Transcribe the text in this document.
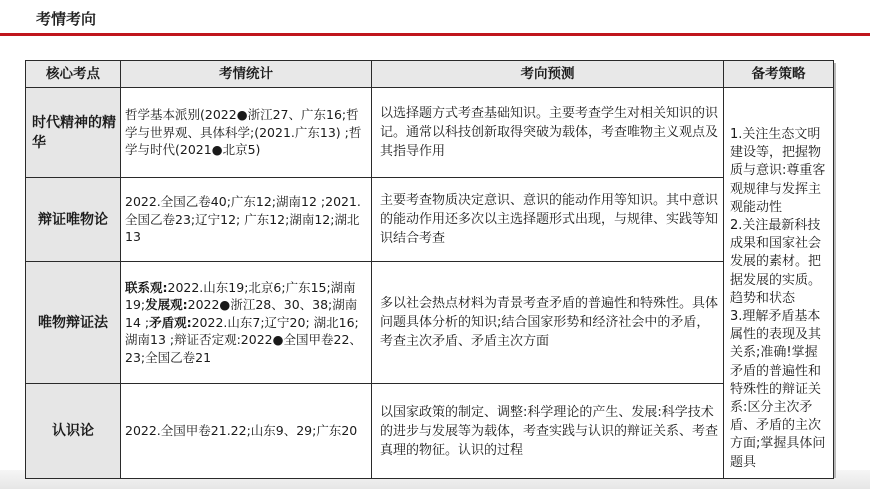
考情考向
核心考点	考情统计	考向预测	备考策略
时代精神的精华	哲学基本派别(2022●浙江27、广东16;哲学与世界观、具体科学;(2021.广东13) ;哲学与时代(2021●北京5)	以选择题方式考查基础知识。主要考查学生对相关知识的识记。通常以科技创新取得突破为载体，考查唯物主义观点及其指导作用	1.关注生态文明建设等，把握物质与意识:尊重客观规律与发挥主观能动性
2.关注最新科技成果和国家社会发展的素材。把据发展的实质。趋势和状态
3.理解矛盾基本属性的表现及其关系;准确!掌握矛盾的普遍性和特殊性的辩证关系:区分主次矛盾、矛盾的主次方面;掌握具体问题具

辩证唯物论	2022.全国乙卷40;广东12;湖南12 ;2021.全国乙卷23;辽宁12; 广东12;湖南12;湖北13	主要考查物质决定意识、意识的能动作用等知识。其中意识的能动作用还多次以主选择题形式出现，与规律、实践等知识结合考查	
唯物辩证法	联系观:2022.山东19;北京6;广东15;湖南19;发展观:2022●浙江28、30、38;湖南14 ;矛盾观:2022.山东7;辽宁20; 湖北16;湖南13 ;辩证否定观:2022●全国甲卷22、23;全国乙卷21	多以社会热点材料为青景考查矛盾的普遍性和特殊性。具体问题具体分析的知识;结合国家形势和经济社会中的矛盾，考查主次矛盾、矛盾主次方面	
认识论	2022.全国甲卷21.22;山东9、29;广东20	以国家政策的制定、调整:科学理论的产生、发展:科学技术的进步与发展等为载体，考查实践与认识的辩证关系、考查真理的物征。认识的过程	
